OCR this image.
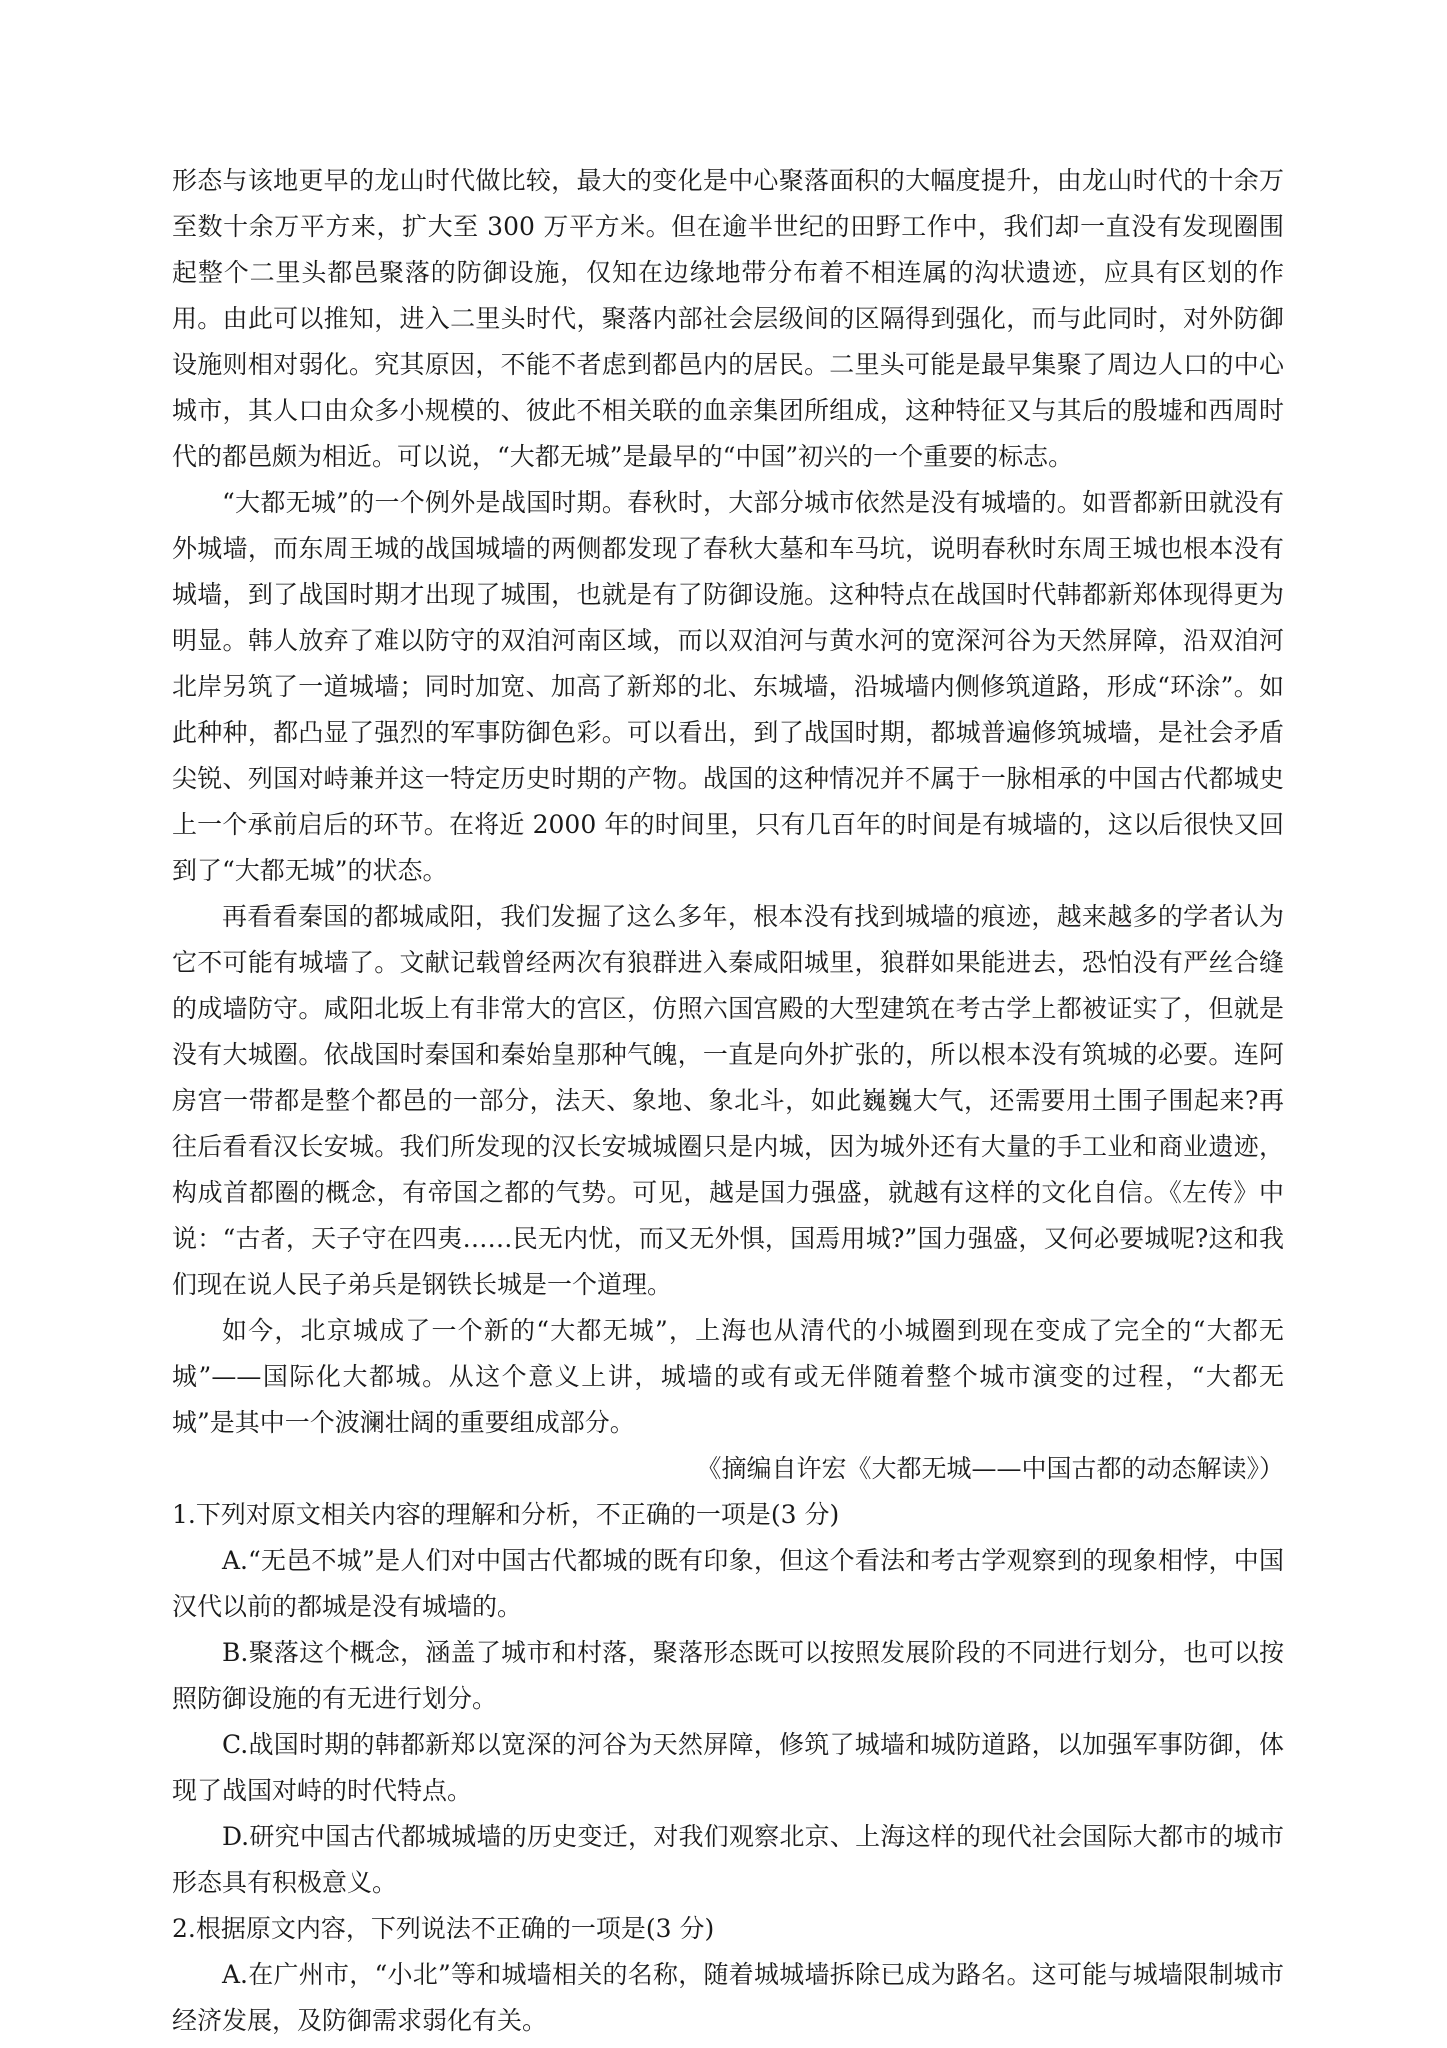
形态与该地更早的龙山时代做比较，最大的变化是中心聚落面积的大幅度提升，由龙山时代的十余万至数十余万平方来，扩大至 300 万平方米。但在逾半世纪的田野工作中，我们却一直没有发现圈围起整个二里头都邑聚落的防御设施，仅知在边缘地带分布着不相连属的沟状遗迹，应具有区划的作用。由此可以推知，进入二里头时代，聚落内部社会层级间的区隔得到强化，而与此同时，对外防御设施则相对弱化。究其原因，不能不者虑到都邑内的居民。二里头可能是最早集聚了周边人口的中心城市，其人口由众多小规模的、彼此不相关联的血亲集团所组成，这种特征又与其后的殷墟和西周时代的都邑颇为相近。可以说，“大都无城”是最早的“中国”初兴的一个重要的标志。

“大都无城”的一个例外是战国时期。春秋时，大部分城市依然是没有城墙的。如晋都新田就没有外城墙，而东周王城的战国城墙的两侧都发现了春秋大墓和车马坑，说明春秋时东周王城也根本没有城墙，到了战国时期才出现了城围，也就是有了防御设施。这种特点在战国时代韩都新郑体现得更为明显。韩人放弃了难以防守的双洎河南区域，而以双洎河与黄水河的宽深河谷为天然屏障，沿双洎河北岸另筑了一道城墙；同时加宽、加高了新郑的北、东城墙，沿城墙内侧修筑道路，形成“环涂”。如此种种，都凸显了强烈的军事防御色彩。可以看出，到了战国时期，都城普遍修筑城墙，是社会矛盾尖锐、列国对峙兼并这一特定历史时期的产物。战国的这种情况并不属于一脉相承的中国古代都城史上一个承前启后的环节。在将近 2000 年的时间里，只有几百年的时间是有城墙的，这以后很快又回到了“大都无城”的状态。

再看看秦国的都城咸阳，我们发掘了这么多年，根本没有找到城墙的痕迹，越来越多的学者认为它不可能有城墙了。文献记载曾经两次有狼群进入秦咸阳城里，狼群如果能进去，恐怕没有严丝合缝的成墙防守。咸阳北坂上有非常大的宫区，仿照六国宫殿的大型建筑在考古学上都被证实了，但就是没有大城圈。依战国时秦国和秦始皇那种气魄，一直是向外扩张的，所以根本没有筑城的必要。连阿房宫一带都是整个都邑的一部分，法天、象地、象北斗，如此巍巍大气，还需要用土围子围起来?再往后看看汉长安城。我们所发现的汉长安城城圈只是内城，因为城外还有大量的手工业和商业遗迹，构成首都圈的概念，有帝国之都的气势。可见，越是国力强盛，就越有这样的文化自信。《左传》中说：“古者，天子守在四夷……民无内忧，而又无外惧，国焉用城?”国力强盛，又何必要城呢?这和我们现在说人民子弟兵是钢铁长城是一个道理。

如今，北京城成了一个新的“大都无城”，上海也从清代的小城圈到现在变成了完全的“大都无城”——国际化大都城。从这个意义上讲，城墙的或有或无伴随着整个城市演变的过程，“大都无城”是其中一个波澜壮阔的重要组成部分。

《摘编自许宏《大都无城——中国古都的动态解读》）

1.下列对原文相关内容的理解和分析，不正确的一项是(3 分)

A.“无邑不城”是人们对中国古代都城的既有印象，但这个看法和考古学观察到的现象相悖，中国汉代以前的都城是没有城墙的。

B.聚落这个概念，涵盖了城市和村落，聚落形态既可以按照发展阶段的不同进行划分，也可以按照防御设施的有无进行划分。

C.战国时期的韩都新郑以宽深的河谷为天然屏障，修筑了城墙和城防道路，以加强军事防御，体现了战国对峙的时代特点。

D.研究中国古代都城城墙的历史变迁，对我们观察北京、上海这样的现代社会国际大都市的城市形态具有积极意义。

2.根据原文内容，下列说法不正确的一项是(3 分)

A.在广州市，“小北”等和城墙相关的名称，随着城城墙拆除已成为路名。这可能与城墙限制城市经济发展，及防御需求弱化有关。
